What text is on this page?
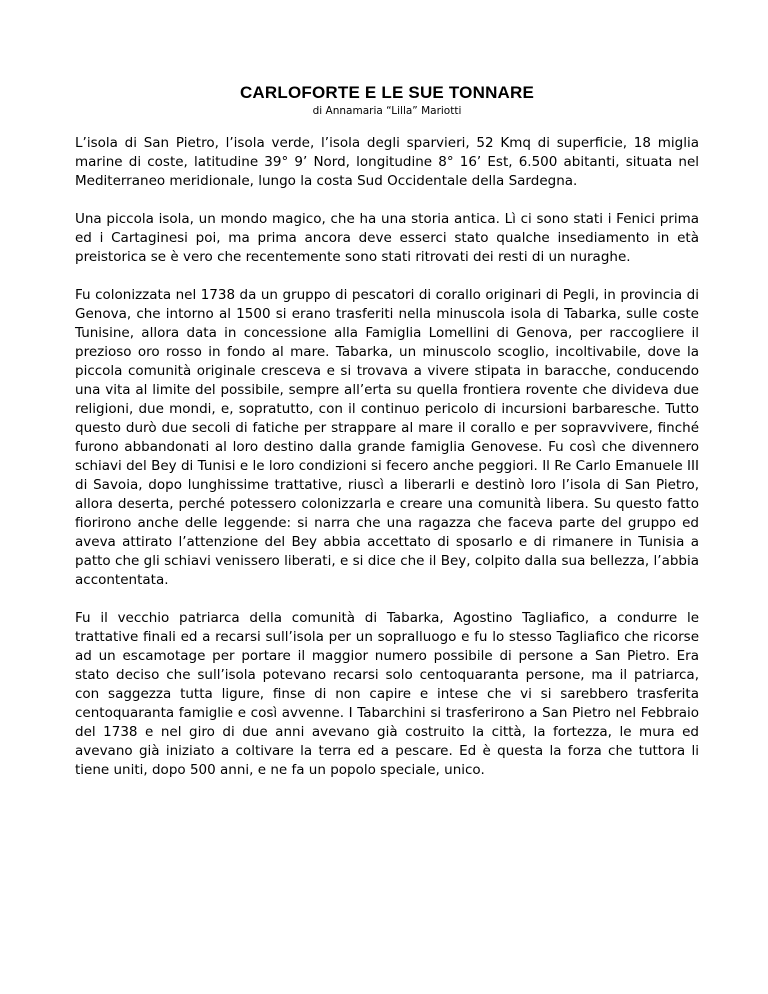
CARLOFORTE E LE SUE TONNARE

di Annamaria “Lilla” Mariotti

L’isola di San Pietro, l’isola verde, l’isola degli sparvieri, 52 Kmq di superficie, 18 miglia marine di coste, latitudine 39° 9’ Nord, longitudine 8° 16’ Est, 6.500 abitanti, situata nel Mediterraneo meridionale, lungo la costa Sud Occidentale della Sardegna.

Una piccola isola, un mondo magico, che ha una storia antica. Lì ci sono stati i Fenici prima ed i Cartaginesi poi, ma prima ancora deve esserci stato qualche insediamento in età preistorica se è vero che recentemente sono stati ritrovati dei resti di un nuraghe.

Fu colonizzata nel 1738 da un gruppo di pescatori di corallo originari di Pegli, in provincia di Genova, che intorno al 1500 si erano trasferiti nella minuscola isola di Tabarka, sulle coste Tunisine, allora data in concessione alla Famiglia Lomellini di Genova, per raccogliere il prezioso oro rosso in fondo al mare. Tabarka, un minuscolo scoglio, incoltivabile, dove la piccola comunità originale cresceva e si trovava a vivere stipata in baracche, conducendo una vita al limite del possibile, sempre all’erta su quella frontiera rovente che divideva due religioni, due mondi, e, sopratutto, con il continuo pericolo di incursioni barbaresche. Tutto questo durò due secoli di fatiche per strappare al mare il corallo e per sopravvivere, finché furono abbandonati al loro destino dalla grande famiglia Genovese. Fu così che divennero schiavi del Bey di Tunisi e le loro condizioni si fecero anche peggiori. Il Re Carlo Emanuele III di Savoia, dopo lunghissime trattative, riuscì a liberarli e destinò loro l’isola di San Pietro, allora deserta, perché potessero colonizzarla e creare una comunità libera. Su questo fatto fiorirono anche delle leggende: si narra che una ragazza che faceva parte del gruppo ed aveva attirato l’attenzione del Bey abbia accettato di sposarlo e di rimanere in Tunisia a patto che gli schiavi venissero liberati, e si dice che il Bey, colpito dalla sua bellezza, l’abbia accontentata.

Fu il vecchio patriarca della comunità di Tabarka, Agostino Tagliafico, a condurre le trattative finali ed a recarsi sull’isola per un sopralluogo e fu lo stesso Tagliafico che ricorse ad un escamotage per portare il maggior numero possibile di persone a San Pietro. Era stato deciso che sull’isola potevano recarsi solo centoquaranta persone, ma il patriarca, con saggezza tutta ligure, finse di non capire e intese che vi si sarebbero trasferita centoquaranta famiglie e così avvenne. I Tabarchini si trasferirono a San Pietro nel Febbraio del 1738 e nel giro di due anni avevano già costruito la città, la fortezza, le mura ed avevano già iniziato a coltivare la terra ed a pescare. Ed è questa la forza che tuttora li tiene uniti, dopo 500 anni, e ne fa un popolo speciale, unico.
